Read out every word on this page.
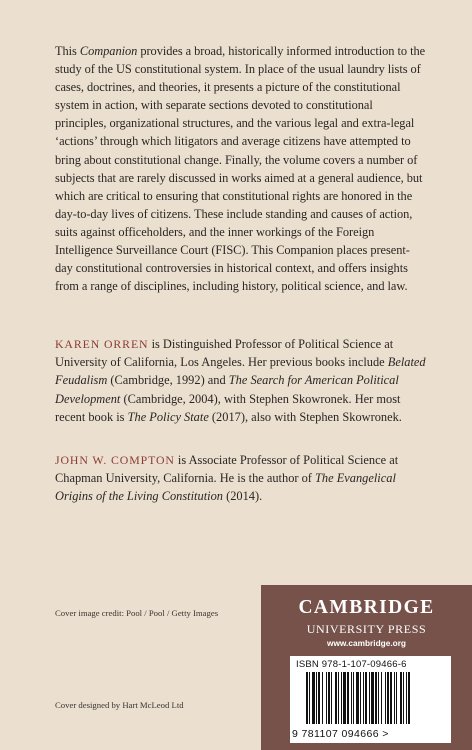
This Companion provides a broad, historically informed introduction to the study of the US constitutional system. In place of the usual laundry lists of cases, doctrines, and theories, it presents a picture of the constitutional system in action, with separate sections devoted to constitutional principles, organizational structures, and the various legal and extra-legal ‘actions’ through which litigators and average citizens have attempted to bring about constitutional change. Finally, the volume covers a number of subjects that are rarely discussed in works aimed at a general audience, but which are critical to ensuring that constitutional rights are honored in the day-to-day lives of citizens. These include standing and causes of action, suits against officeholders, and the inner workings of the Foreign Intelligence Surveillance Court (FISC). This Companion places present-day constitutional controversies in historical context, and offers insights from a range of disciplines, including history, political science, and law.

KAREN ORREN is Distinguished Professor of Political Science at University of California, Los Angeles. Her previous books include Belated Feudalism (Cambridge, 1992) and The Search for American Political Development (Cambridge, 2004), with Stephen Skowronek. Her most recent book is The Policy State (2017), also with Stephen Skowronek.

JOHN W. COMPTON is Associate Professor of Political Science at Chapman University, California. He is the author of The Evangelical Origins of the Living Constitution (2014).

Cover image credit: Pool / Pool / Getty Images
Cover designed by Hart McLeod Ltd
CAMBRIDGE
UNIVERSITY PRESS
www.cambridge.org
ISBN 978-1-107-09466-6
9 781107 094666 >
